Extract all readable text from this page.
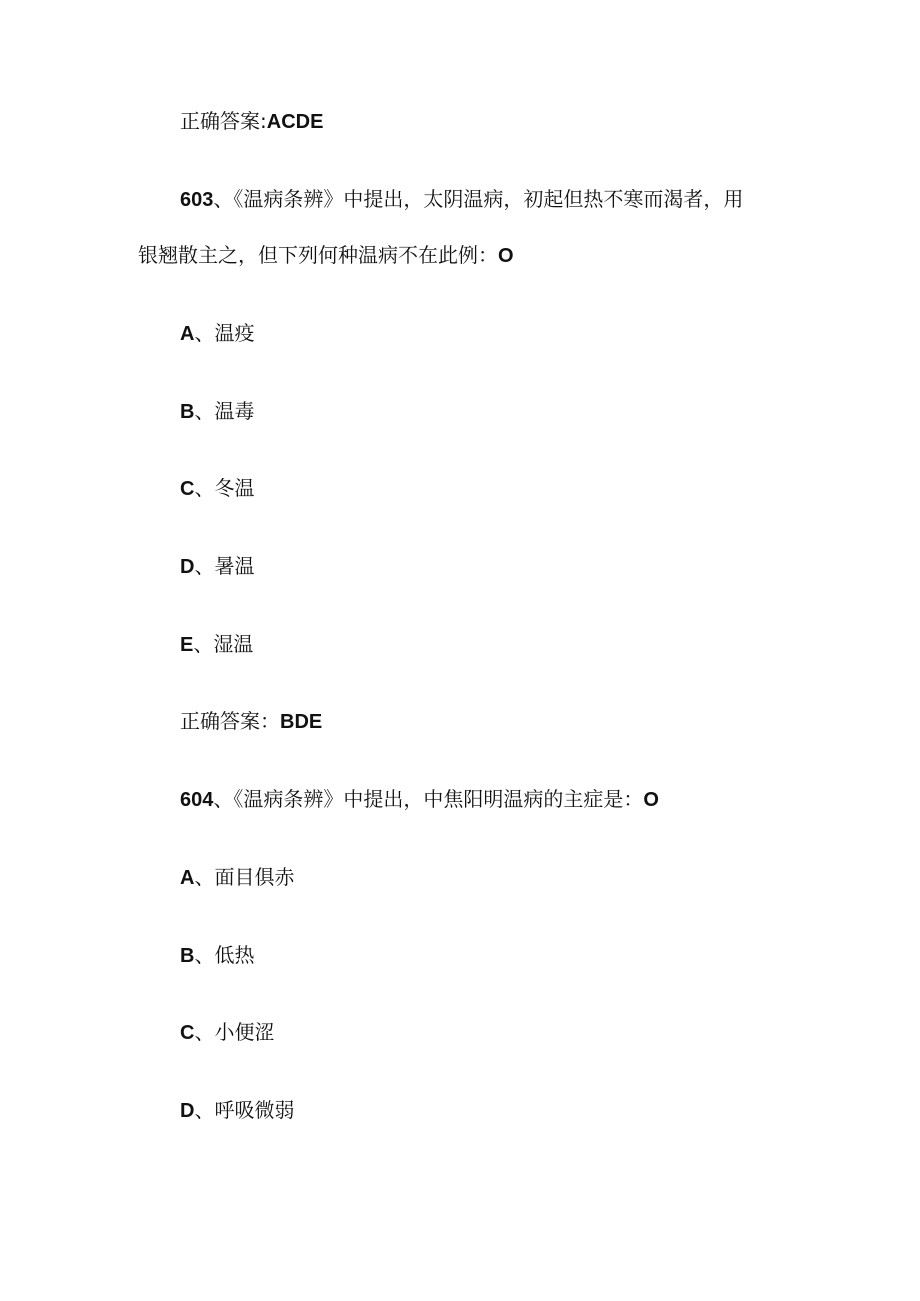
正确答案:ACDE
603、《温病条辨》中提出，太阴温病，初起但热不寒而渴者，用
银翘散主之，但下列何种温病不在此例：O
A、温疫
B、温毒
C、冬温
D、暑温
E、湿温
正确答案：BDE
604、《温病条辨》中提出，中焦阳明温病的主症是：O
A、面目俱赤
B、低热
C、小便涩
D、呼吸微弱
